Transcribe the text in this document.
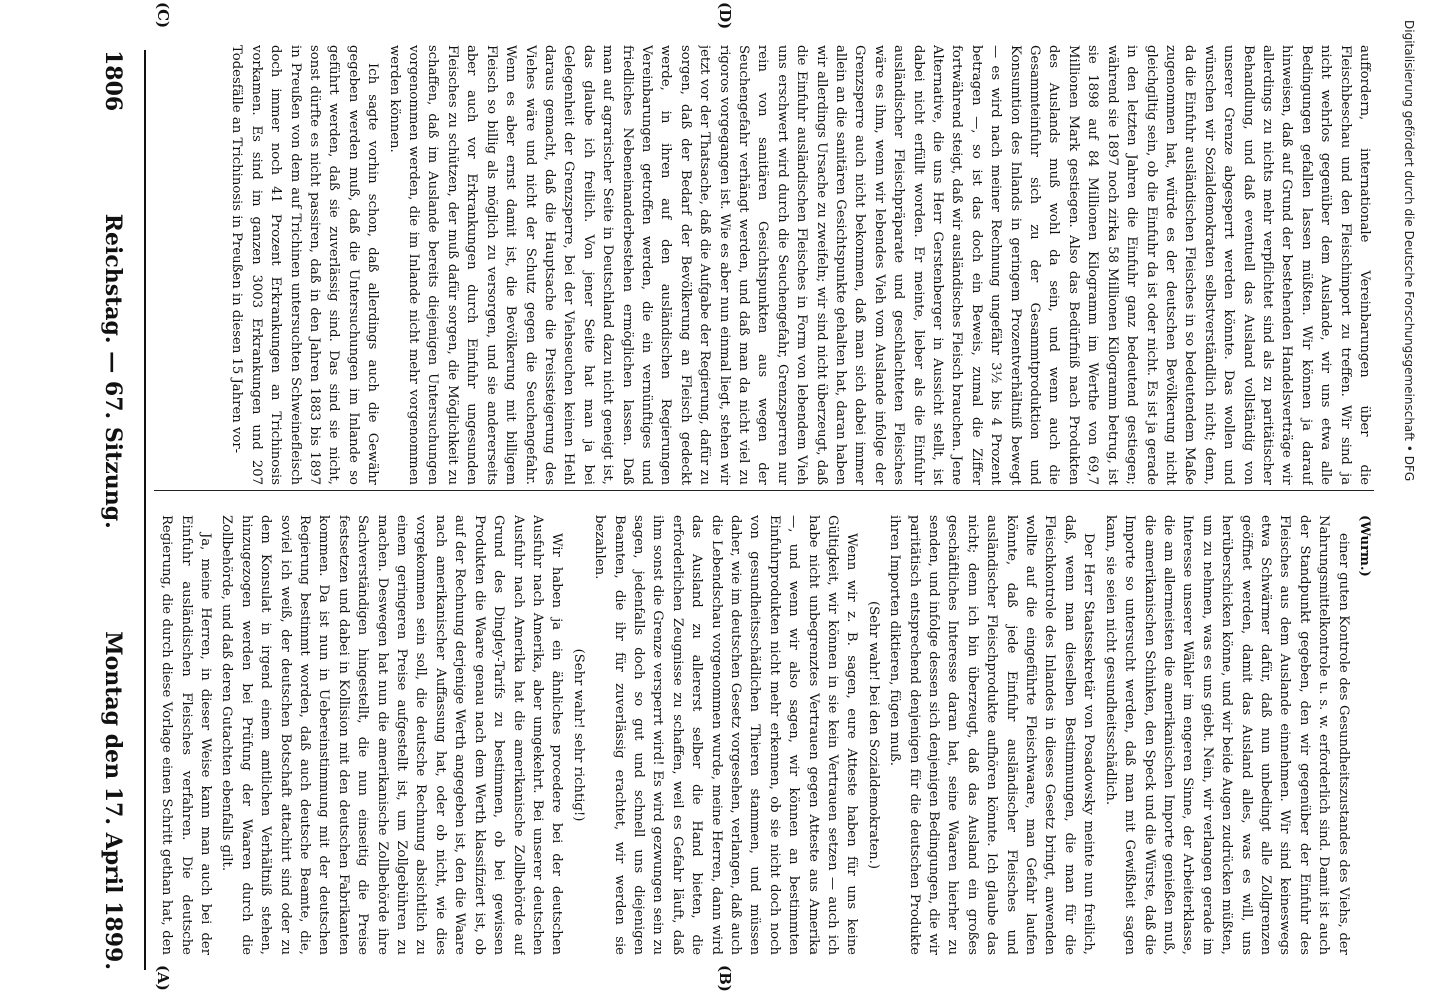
1806
Reichstag. — 67. Sitzung.
Montag den 17. April 1899.

(Wurm.)

einer guten Kontrole des Gesundheitszustandes des Viehs, der Nahrungsmittelkontrole u. s. w. erforderlich sind. Damit ist auch der Standpunkt gegeben, den wir gegenüber der Einfuhr des Fleisches aus dem Auslande einnehmen. Wir sind keineswegs etwa Schwärmer dafür, daß nun unbedingt alle Zollgrenzen geöffnet werden, damit das Ausland alles, was es will, uns herüberschicken könne, und wir beide Augen zudrücken müßten, um zu nehmen, was es uns giebt. Nein, wir verlangen gerade im Interesse unserer Wähler im engeren Sinne, der Arbeiterklasse, die am allermeisten die amerikanischen Importe genießen muß, die amerikanischen Schinken, den Speck und die Würste, daß die Importe so untersucht werden, daß man mit Gewißheit sagen kann, sie seien nicht gesundheitsschädlich.

Der Herr Staatssekretär von Posadowsky meinte nun freilich, daß, wenn man dieselben Bestimmungen, die man für die Fleischkontrole des Inlandes in dieses Gesetz bringt, anwenden wollte auf die eingeführte Fleischwaare, man Gefahr laufen könnte, daß jede Einfuhr ausländischer Fleisches und ausländischer Fleischprodukte aufhören könnte. Ich glaube das nicht; denn ich bin überzeugt, daß das Ausland ein großes geschäftliches Interesse daran hat, seine Waaren hierher zu senden, und infolge dessen sich denjenigen Bedingungen, die wir paritätisch entsprechend denjenigen für die deutschen Produkte ihren Importen diktieren, fügen muß.

(Sehr wahr! bei den Sozialdemokraten.)

Wenn wir z. B. sagen, eure Atteste haben für uns keine Gültigkeit, wir können in sie kein Vertrauen setzen — auch ich habe nicht unbegrenztes Vertrauen gegen Atteste aus Amerika —, und wenn wir also sagen, wir können an bestimmten Einfuhrprodukten nicht mehr erkennen, ob sie nicht doch noch von gesundheitsschädlichen Thieren stammen, und müssen daher, wie im deutschen Gesetz vorgesehen, verlangen, daß auch die Lebendschau vorgenommen wurde, meine Herren, dann wird das Ausland zu allererst selber die Hand bieten, die erforderlichen Zeugnisse zu schaffen, weil es Gefahr läuft, daß ihm sonst die Grenze versperrt wird! Es wird gezwungen sein zu sagen, jedenfalls doch so gut und schnell uns diejenigen Beamten, die ihr für zuverlässig erachtet, wir werden sie bezahlen.

(Sehr wahr! sehr richtig!)

Wir haben ja ein ähnliches procedere bei der deutschen Ausfuhr nach Amerika, aber umgekehrt. Bei unserer deutschen Ausfuhr nach Amerika hat die amerikanische Zollbehörde auf Grund des Dingley-Tarifs zu bestimmen, ob bei gewissen Produkten die Waare genau nach dem Werth klassifiziert ist, ob auf der Rechnung derjenige Werth angegeben ist, den die Waare nach amerikanischer Auffassung hat, oder ob nicht, wie dies vorgekommen sein soll, die deutsche Rechnung absichtlich zu einem geringeren Preise aufgestellt ist, um Zollgebühren zu machen. Deswegen hat nun die amerikanische Zollbehörde ihre Sachverständigen hingestellt, die nun einseitig die Preise festsetzen und dabei in Kollision mit den deutschen Fabrikanten kommen. Da ist nun in Uebereinstimmung mit der deutschen Regierung bestimmt worden, daß auch deutsche Beamte, die, soviel ich weiß, der deutschen Botschaft attachirt sind oder zu dem Konsulat in irgend einem amtlichen Verhältniß stehen, hinzugezogen werden bei Prüfung der Waaren durch die Zollbehörde, und daß deren Gutachten ebenfalls gilt.

Ja, meine Herren, in dieser Weise kann man auch bei der Einfuhr ausländischen Fleisches verfahren. Die deutsche Regierung, die durch diese Vorlage einen Schritt gethan hat, den

auffordern, internationale Vereinbarungen über die Fleischbeschau und den Fleischimport zu treffen. Wir sind ja nicht wehrlos gegenüber dem Auslande, wir uns etwa alle Bedingungen gefallen lassen müßten. Wir können ja darauf hinweisen, daß auf Grund der bestehenden Handelsverträge wir allerdings zu nichts mehr verpflichtet sind als zu paritätischer Behandlung, und daß eventuell das Ausland vollständig von unserer Grenze abgesperrt werden könnte. Das wollen und wünschen wir Sozialdemokraten selbstverständlich nicht; denn, da die Einfuhr ausländischen Fleisches in so bedeutendem Maße zugenommen hat, würde es der deutschen Bevölkerung nicht gleichgiltig sein, ob die Einfuhr da ist oder nicht. Es ist ja gerade in den letzten Jahren die Einfuhr ganz bedeutend gestiegen; während sie 1897 noch zirka 58 Millionen Kilogramm betrug, ist sie 1898 auf 84 Millionen Kilogramm im Werthe von 69,7 Millionen Mark gestiegen. Also das Bedürfniß nach Produkten des Auslands muß wohl da sein, und wenn auch die Gesammteinfuhr sich zu der Gesammtproduktion und Konsumtion des Inlands in geringem Prozentverhältniß bewegt — es wird nach meiner Rechnung ungefähr 3½ bis 4 Prozent betragen —, so ist das doch ein Beweis, zumal die Ziffer fortwährend steigt, daß wir ausländisches Fleisch brauchen. Jene Alternative, die uns Herr Gerstenberger in Aussicht stellt, ist dabei nicht erfüllt worden. Er meinte, lieber als die Einfuhr ausländischer Fleischpräparate und geschlachteten Fleisches wäre es ihm, wenn wir lebendes Vieh vom Auslande infolge der Grenzsperre auch nicht bekommen, daß man sich dabei immer allein an die sanitären Gesichtspunkte gehalten hat, daran haben wir allerdings Ursache zu zweifeln; wir sind nicht überzeugt, daß die Einfuhr ausländischen Fleisches in Form von lebendem Vieh uns erschwert wird durch die Seuchengefahr, Grenzsperren nur rein von sanitären Gesichtspunkten aus wegen der Seuchengefahr verhängt werden, und daß man da nicht viel zu rigoros vorgegangen ist. Wie es aber nun einmal liegt, stehen wir jetzt vor der Thatsache, daß die Aufgabe der Regierung, dafür zu sorgen, daß der Bedarf der Bevölkerung an Fleisch gedeckt werde, in ihren auf den ausländischen Regierungen Vereinbarungen getroffen werden, die ein vernünftiges und friedliches Nebeneinanderbestehen ermöglichen lassen. Daß man auf agrarischer Seite in Deutschland dazu nicht geneigt ist, das glaube ich freilich. Von jener Seite hat man ja bei Gelegenheit der Grenzsperre, bei der Viehseuchen keinen Hehl daraus gemacht, daß die Hauptsache die Preissteigerung des Viehes wäre und nicht der Schutz gegen die Seuchengefahr. Wenn es aber ernst damit ist, die Bevölkerung mit billigem Fleisch so billig als möglich zu versorgen, und sie andererseits aber auch vor Erkrankungen durch Einfuhr ungesunden Fleisches zu schützen, der muß dafür sorgen, die Möglichkeit zu schaffen, daß im Auslande bereits diejenigen Untersuchungen vorgenommen werden, die im Inlande nicht mehr vorgenommen werden können.

Ich sagte vorhin schon, daß allerdings auch die Gewähr gegeben werden muß, daß die Untersuchungen im Inlande so geführt werden, daß sie zuverlässig sind. Das sind sie nicht, sonst dürfte es nicht passiren, daß in den Jahren 1883 bis 1897 in Preußen von dem auf Trichinen untersuchten Schweinefleisch doch immer noch 41 Prozent Erkrankungen an Trichinosis vorkamen. Es sind im ganzen 3003 Erkrankungen und 207 Todesfälle an Trichinosis in Preußen in diesen 15 Jahren vor-

(A)	(B)
(C)	(D)
Digitalisierung gefördert durch die Deutsche Forschungsgemeinschaft • DFG
